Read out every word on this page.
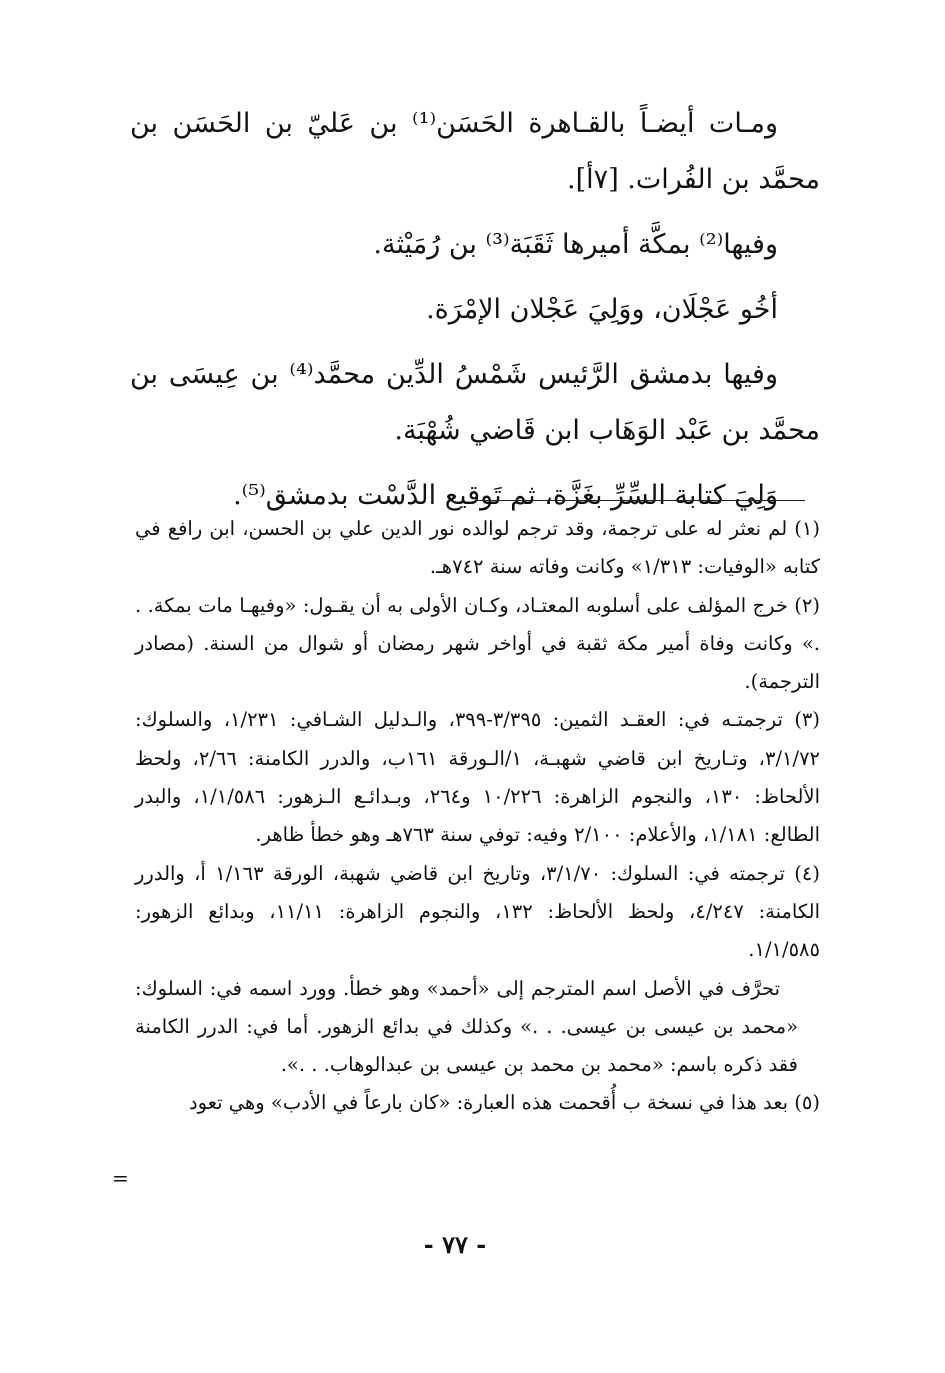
ومـات أيضـاً بالقـاهرة الحَسَن⁽¹⁾ بن عَليّ بن الحَسَن بن محمَّد بن الفُرات. [٧أ].

وفيها⁽²⁾ بمكَّة أميرها ثَقَبَة⁽³⁾ بن رُمَيْثة.

أخُو عَجْلَان، ووَلِيَ عَجْلان الإمْرَة.

وفيها بدمشق الرَّئيس شَمْسُ الدِّين محمَّد⁽⁴⁾ بن عِيسَى بن محمَّد بن عَبْد الوَهَاب ابن قَاضي شُهْبَة.

وَلِيَ كتابة السِّرِّ بغَزَّة، ثم تَوقيع الدَّسْت بدمشق⁽⁵⁾.

(١) لم نعثر له على ترجمة، وقد ترجم لوالده نور الدين علي بن الحسن، ابن رافع في كتابه «الوفيات: ١/٣١٣» وكانت وفاته سنة ٧٤٢هـ.

(٢) خرج المؤلف على أسلوبه المعتـاد، وكـان الأولى به أن يقـول: «وفيهـا مات بمكة. . .» وكانت وفاة أمير مكة ثقبة في أواخر شهر رمضان أو شوال من السنة. (مصادر الترجمة).

(٣) ترجمتـه في: العقـد الثمين: ٣/٣٩٥-٣٩٩، والـدليل الشـافي: ١/٢٣١، والسلوك: ٣/١/٧٢، وتـاريخ ابن قاضي شهبـة، ١/الـورقة ١٦١ب، والدرر الكامنة: ٢/٦٦، ولحظ الألحاظ: ١٣٠، والنجوم الزاهرة: ١٠/٢٢٦ و٢٦٤، وبـدائـع الـزهور: ١/١/٥٨٦، والبدر الطالع: ١/١٨١، والأعلام: ٢/١٠٠ وفيه: توفي سنة ٧٦٣هـ وهو خطأ ظاهر.

(٤) ترجمته في: السلوك: ٣/١/٧٠، وتاريخ ابن قاضي شهبة، الورقة ١/١٦٣ أ، والدرر الكامنة: ٤/٢٤٧، ولحظ الألحاظ: ١٣٢، والنجوم الزاهرة: ١١/١١، وبدائع الزهور: ١/١/٥٨٥.

تحرَّف في الأصل اسم المترجم إلى «أحمد» وهو خطأ. وورد اسمه في: السلوك: «محمد بن عيسى بن عيسى. . .» وكذلك في بدائع الزهور. أما في: الدرر الكامنة فقد ذكره باسم: «محمد بن محمد بن عيسى بن عبدالوهاب. . .».

(٥) بعد هذا في نسخة ب أُقحمت هذه العبارة: «كان بارعاً في الأدب» وهي تعود

=
- ٧٧ -
